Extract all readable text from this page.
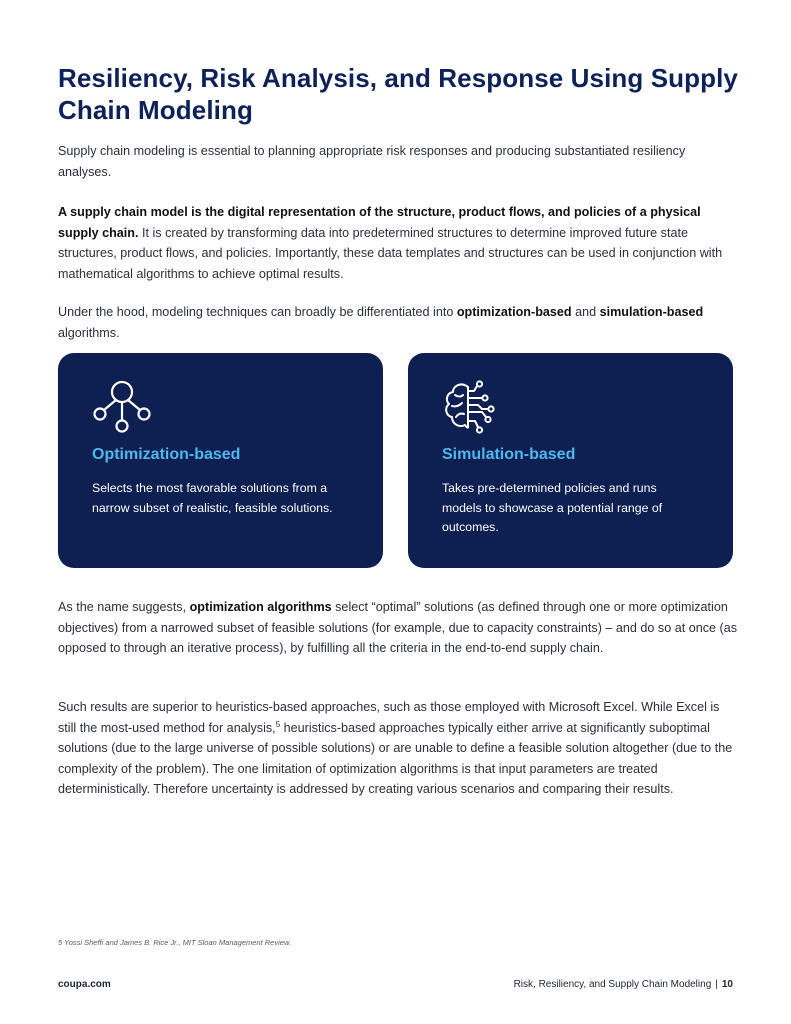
Resiliency, Risk Analysis, and Response Using Supply Chain Modeling

Supply chain modeling is essential to planning appropriate risk responses and producing substantiated resiliency analyses.

A supply chain model is the digital representation of the structure, product flows, and policies of a physical supply chain. It is created by transforming data into predetermined structures to determine improved future state structures, product flows, and policies. Importantly, these data templates and structures can be used in conjunction with mathematical algorithms to achieve optimal results.

Under the hood, modeling techniques can broadly be differentiated into optimization-based and simulation-based algorithms.

Optimization-based

Selects the most favorable solutions from a narrow subset of realistic, feasible solutions.

Simulation-based

Takes pre-determined policies and runs models to showcase a potential range of outcomes.

As the name suggests, optimization algorithms select “optimal” solutions (as defined through one or more optimization objectives) from a narrowed subset of feasible solutions (for example, due to capacity constraints) – and do so at once (as opposed to through an iterative process), by fulfilling all the criteria in the end-to-end supply chain.

Such results are superior to heuristics-based approaches, such as those employed with Microsoft Excel. While Excel is still the most-used method for analysis,$^5$ heuristics-based approaches typically either arrive at significantly suboptimal solutions (due to the large universe of possible solutions) or are unable to define a feasible solution altogether (due to the complexity of the problem). The one limitation of optimization algorithms is that input parameters are treated deterministically. Therefore uncertainty is addressed by creating various scenarios and comparing their results.

5 Yossi Sheffi and James B. Rice Jr., MIT Sloan Management Review.

coupa.com	Risk, Resiliency, and Supply Chain Modeling | 10
